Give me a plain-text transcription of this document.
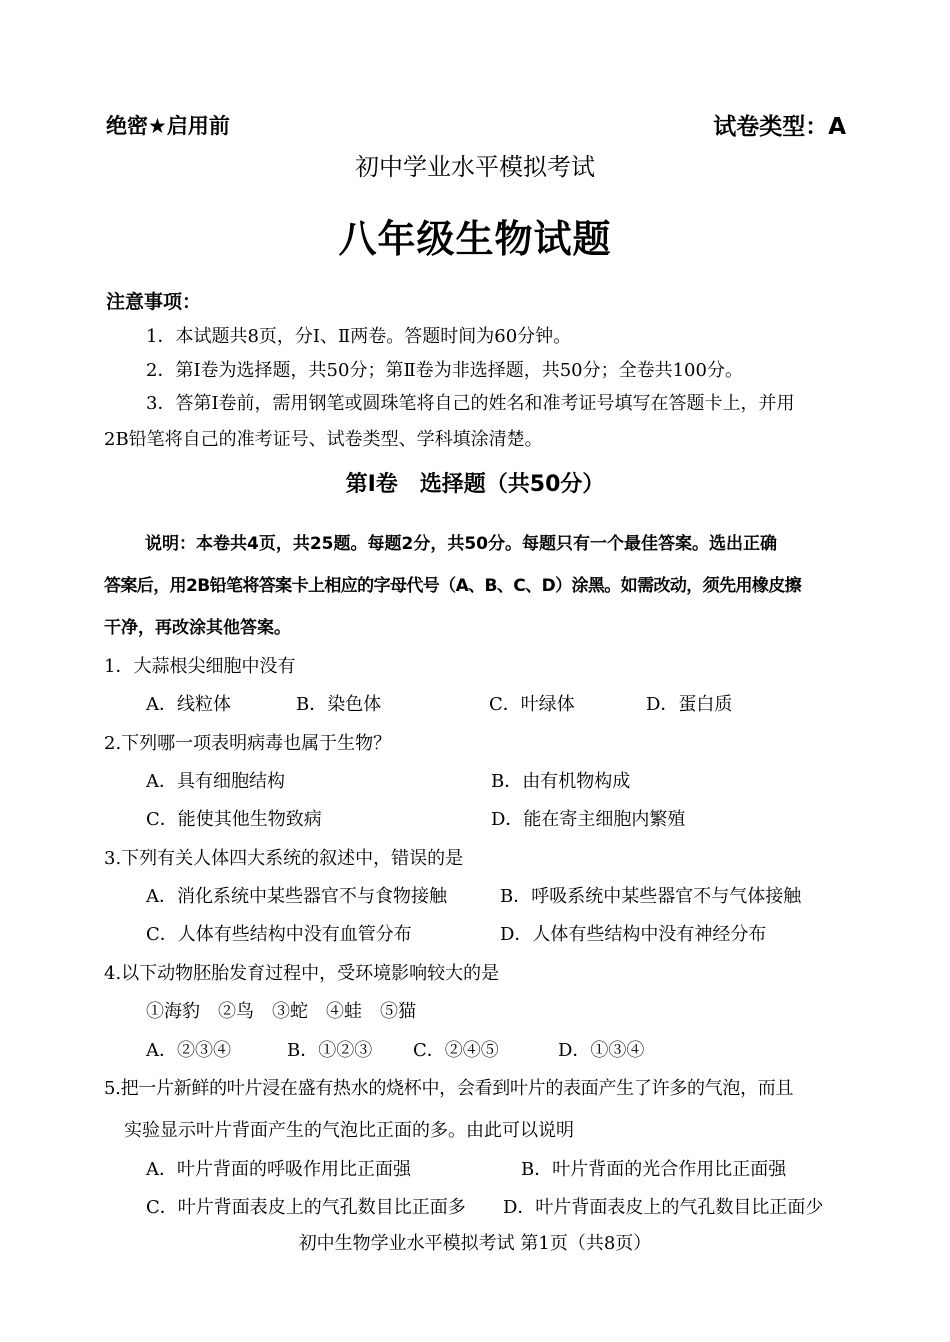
绝密★启用前	试卷类型：A
初中学业水平模拟考试
八年级生物试题
注意事项：
1．本试题共8页，分Ⅰ、Ⅱ两卷。答题时间为60分钟。
2．第Ⅰ卷为选择题，共50分；第Ⅱ卷为非选择题，共50分；全卷共100分。
3．答第Ⅰ卷前，需用钢笔或圆珠笔将自己的姓名和准考证号填写在答题卡上，并用
2B铅笔将自己的准考证号、试卷类型、学科填涂清楚。
第Ⅰ卷　选择题（共50分）
说明：本卷共4页，共25题。每题2分，共50分。每题只有一个最佳答案。选出正确
答案后，用2B铅笔将答案卡上相应的字母代号（A、B、C、D）涂黑。如需改动，须先用橡皮擦
干净，再改涂其他答案。
1．大蒜根尖细胞中没有
A．线粒体	B．染色体	C．叶绿体	D．蛋白质
2.下列哪一项表明病毒也属于生物？
A．具有细胞结构	B．由有机物构成
C．能使其他生物致病	D．能在寄主细胞内繁殖
3.下列有关人体四大系统的叙述中，错误的是
A．消化系统中某些器官不与食物接触	B．呼吸系统中某些器官不与气体接触
C．人体有些结构中没有血管分布	D．人体有些结构中没有神经分布
4.以下动物胚胎发育过程中，受环境影响较大的是
①海豹　②鸟　③蛇　④蛙　⑤猫
A．②③④	B．①②③ C．②④⑤	D．①③④
5.把一片新鲜的叶片浸在盛有热水的烧杯中，会看到叶片的表面产生了许多的气泡，而且
实验显示叶片背面产生的气泡比正面的多。由此可以说明
A．叶片背面的呼吸作用比正面强	B．叶片背面的光合作用比正面强
C．叶片背面表皮上的气孔数目比正面多 D．叶片背面表皮上的气孔数目比正面少
初中生物学业水平模拟考试 第1页（共8页）
